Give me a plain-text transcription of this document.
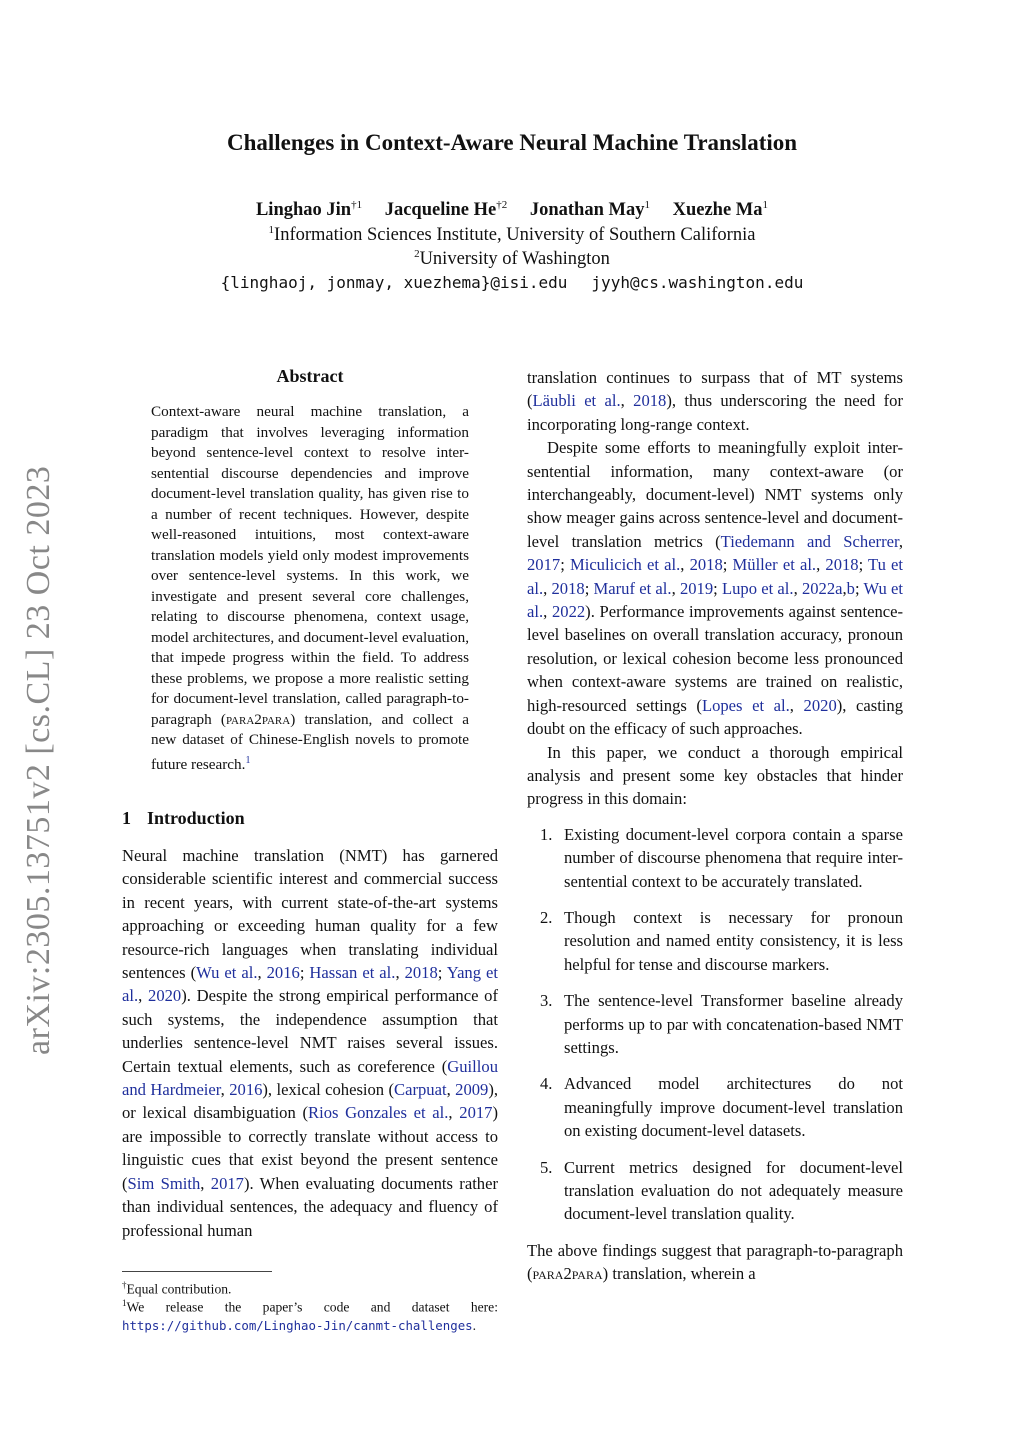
arXiv:2305.13751v2 [cs.CL] 23 Oct 2023
Challenges in Context-Aware Neural Machine Translation
Linghao Jin$^{\dagger 1}$ Jacqueline He$^{\dagger 2}$ Jonathan May$^1$ Xuezhe Ma$^1$
$^1$Information Sciences Institute, University of Southern California
$^2$University of Washington
{linghaoj, jonmay, xuezhema}@isi.edu jyyh@cs.washington.edu
Abstract
Context-aware neural machine translation, a paradigm that involves leveraging information beyond sentence-level context to resolve inter-sentential discourse dependencies and improve document-level translation quality, has given rise to a number of recent techniques. However, despite well-reasoned intuitions, most context-aware translation models yield only modest improvements over sentence-level systems. In this work, we investigate and present several core challenges, relating to discourse phenomena, context usage, model architectures, and document-level evaluation, that impede progress within the field. To address these problems, we propose a more realistic setting for document-level translation, called paragraph-to-paragraph (para2para) translation, and collect a new dataset of Chinese-English novels to promote future research.$^1$
1 Introduction
Neural machine translation (NMT) has garnered considerable scientific interest and commercial success in recent years, with current state-of-the-art systems approaching or exceeding human quality for a few resource-rich languages when translating individual sentences (Wu et al., 2016; Hassan et al., 2018; Yang et al., 2020). Despite the strong empirical performance of such systems, the independence assumption that underlies sentence-level NMT raises several issues. Certain textual elements, such as coreference (Guillou and Hardmeier, 2016), lexical cohesion (Carpuat, 2009), or lexical disambiguation (Rios Gonzales et al., 2017) are impossible to correctly translate without access to linguistic cues that exist beyond the present sentence (Sim Smith, 2017). When evaluating documents rather than individual sentences, the adequacy and fluency of professional human

translation continues to surpass that of MT systems (Läubli et al., 2018), thus underscoring the need for incorporating long-range context.

Despite some efforts to meaningfully exploit inter-sentential information, many context-aware (or interchangeably, document-level) NMT systems only show meager gains across sentence-level and document-level translation metrics (Tiedemann and Scherrer, 2017; Miculicich et al., 2018; Müller et al., 2018; Tu et al., 2018; Maruf et al., 2019; Lupo et al., 2022a,b; Wu et al., 2022). Performance improvements against sentence-level baselines on overall translation accuracy, pronoun resolution, or lexical cohesion become less pronounced when context-aware systems are trained on realistic, high-resourced settings (Lopes et al., 2020), casting doubt on the efficacy of such approaches.

In this paper, we conduct a thorough empirical analysis and present some key obstacles that hinder progress in this domain:

1. Existing document-level corpora contain a sparse number of discourse phenomena that require inter-sentential context to be accurately translated.
2. Though context is necessary for pronoun resolution and named entity consistency, it is less helpful for tense and discourse markers.
3. The sentence-level Transformer baseline already performs up to par with concatenation-based NMT settings.
4. Advanced model architectures do not meaningfully improve document-level translation on existing document-level datasets.
5. Current metrics designed for document-level translation evaluation do not adequately measure document-level translation quality.

The above findings suggest that paragraph-to-paragraph (para2para) translation, wherein a

†Equal contribution.
$^1$We release the paper’s code and dataset here: https://github.com/Linghao-Jin/canmt-challenges.
